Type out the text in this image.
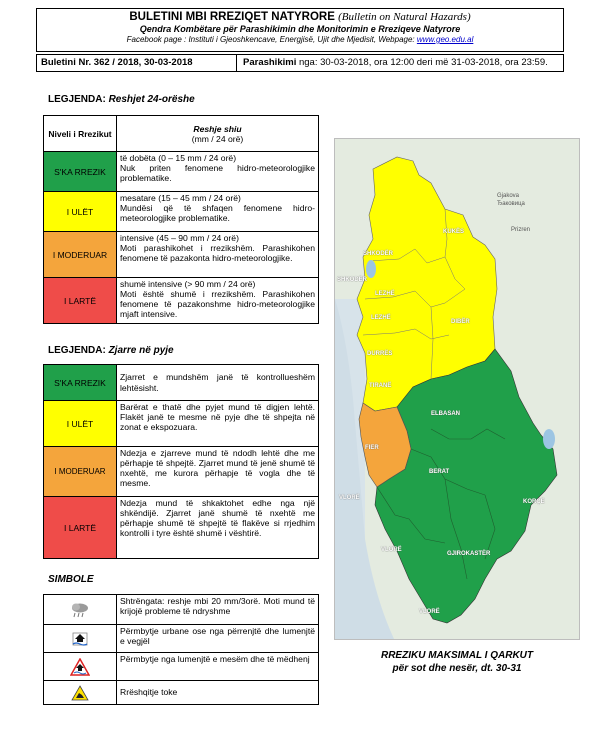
BULETINI MBI RREZIQET NATYRORE (Bulletin on Natural Hazards)
Qendra Kombëtare për Parashikimin dhe Monitorimin e Rreziqeve Natyrore
Facebook page : Instituti i Gjeoshkencave, Energjisë, Ujit dhe Mjedisit, Webpage: www.geo.edu.al
Buletini Nr. 362 / 2018, 30-03-2018	Parashikimi nga: 30-03-2018, ora 12:00 deri më 31-03-2018, ora 23:59.
LEGJENDA: Reshjet 24-orëshe
Niveli i Rrezikut	Reshje shiu
(mm / 24 orë)

S'KA RREZIK	të dobëta (0 – 15 mm / 24 orë)
Nuk priten fenomene hidro-meteorologjike problematike.

I ULËT	mesatare (15 – 45 mm / 24 orë)
Mundësi që të shfaqen fenomene hidro-meteorologjike problematike.

I MODERUAR	intensive (45 – 90 mm / 24 orë)
Moti parashikohet i rrezikshëm. Parashikohen fenomene të pazakonta hidro-meteorologjike.

I LARTË	shumë intensive (> 90 mm / 24 orë)
Moti është shumë i rrezikshëm. Parashikohen fenomene të pazakonshme hidro-meteorologjike mjaft intensive.
LEGJENDA: Zjarre në pyje
S'KA RREZIK	Zjarret e mundshëm janë të kontrollueshëm lehtësisht.
I ULËT	Barërat e thatë dhe pyjet mund të digjen lehtë. Flakët janë te mesme në pyje dhe të shpejta në zonat e ekspozuara.
I MODERUAR	Ndezja e zjarreve mund të ndodh lehtë dhe me përhapje të shpejtë. Zjarret mund të jenë shumë të nxehtë, me kurora përhapje të vogla dhe të mesme.
I LARTË	Ndezja mund të shkaktohet edhe nga një shkëndijë. Zjarret janë shumë të nxehtë me përhapje shumë të shpejtë të flakëve si rrjedhim kontrolli i tyre është shumë i vështirë.
SIMBOLE
	Shtrëngata: reshje mbi 20 mm/3orë. Moti mund të krijojë probleme të ndryshme

	Përmbytje urbane ose nga përrenjtë dhe lumenjtë e vegjël

	Përmbytje nga lumenjtë e mesëm dhe të mëdhenj

	Rrëshqitje toke
Gjakova
Ђаковица
Prizren
SHKODËR
KUKËS
SHKODËR
LEZHË
LEZHË
DIBËR
DURRËS
TIRANË
ELBASAN
FIER
BERAT
KORÇË
VLORË
VLORË
GJIROKASTËR
VLORË
RREZIKU MAKSIMAL I QARKUT
për sot dhe nesër, dt. 30-31
